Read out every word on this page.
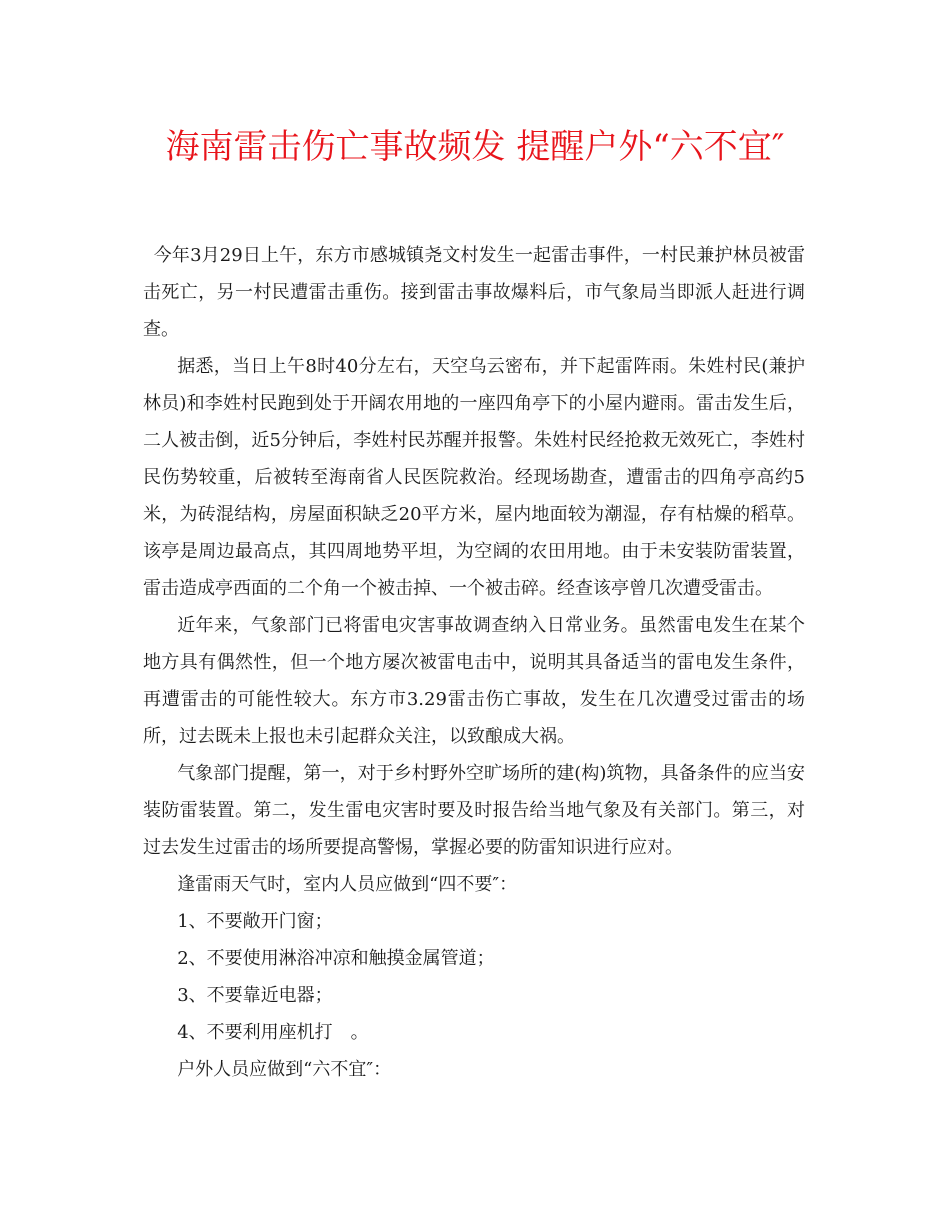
海南雷击伤亡事故频发 提醒户外“六不宜″

今年3月29日上午，东方市感城镇尧文村发生一起雷击事件，一村民兼护林员被雷击死亡，另一村民遭雷击重伤。接到雷击事故爆料后，市气象局当即派人赶进行调查。

据悉，当日上午8时40分左右，天空乌云密布，并下起雷阵雨。朱姓村民(兼护林员)和李姓村民跑到处于开阔农用地的一座四角亭下的小屋内避雨。雷击发生后，二人被击倒，近5分钟后，李姓村民苏醒并报警。朱姓村民经抢救无效死亡，李姓村民伤势较重，后被转至海南省人民医院救治。经现场勘查，遭雷击的四角亭高约5米，为砖混结构，房屋面积缺乏20平方米，屋内地面较为潮湿，存有枯燥的稻草。该亭是周边最高点，其四周地势平坦，为空阔的农田用地。由于未安装防雷装置，雷击造成亭西面的二个角一个被击掉、一个被击碎。经查该亭曾几次遭受雷击。

近年来，气象部门已将雷电灾害事故调查纳入日常业务。虽然雷电发生在某个地方具有偶然性，但一个地方屡次被雷电击中，说明其具备适当的雷电发生条件，再遭雷击的可能性较大。东方市3.29雷击伤亡事故，发生在几次遭受过雷击的场所，过去既未上报也未引起群众关注，以致酿成大祸。

气象部门提醒，第一，对于乡村野外空旷场所的建(构)筑物，具备条件的应当安装防雷装置。第二，发生雷电灾害时要及时报告给当地气象及有关部门。第三，对过去发生过雷击的场所要提高警惕，掌握必要的防雷知识进行应对。

逢雷雨天气时，室内人员应做到“四不要″：

1、不要敞开门窗；

2、不要使用淋浴冲凉和触摸金属管道；

3、不要靠近电器；

4、不要利用座机打　。

户外人员应做到“六不宜″：
